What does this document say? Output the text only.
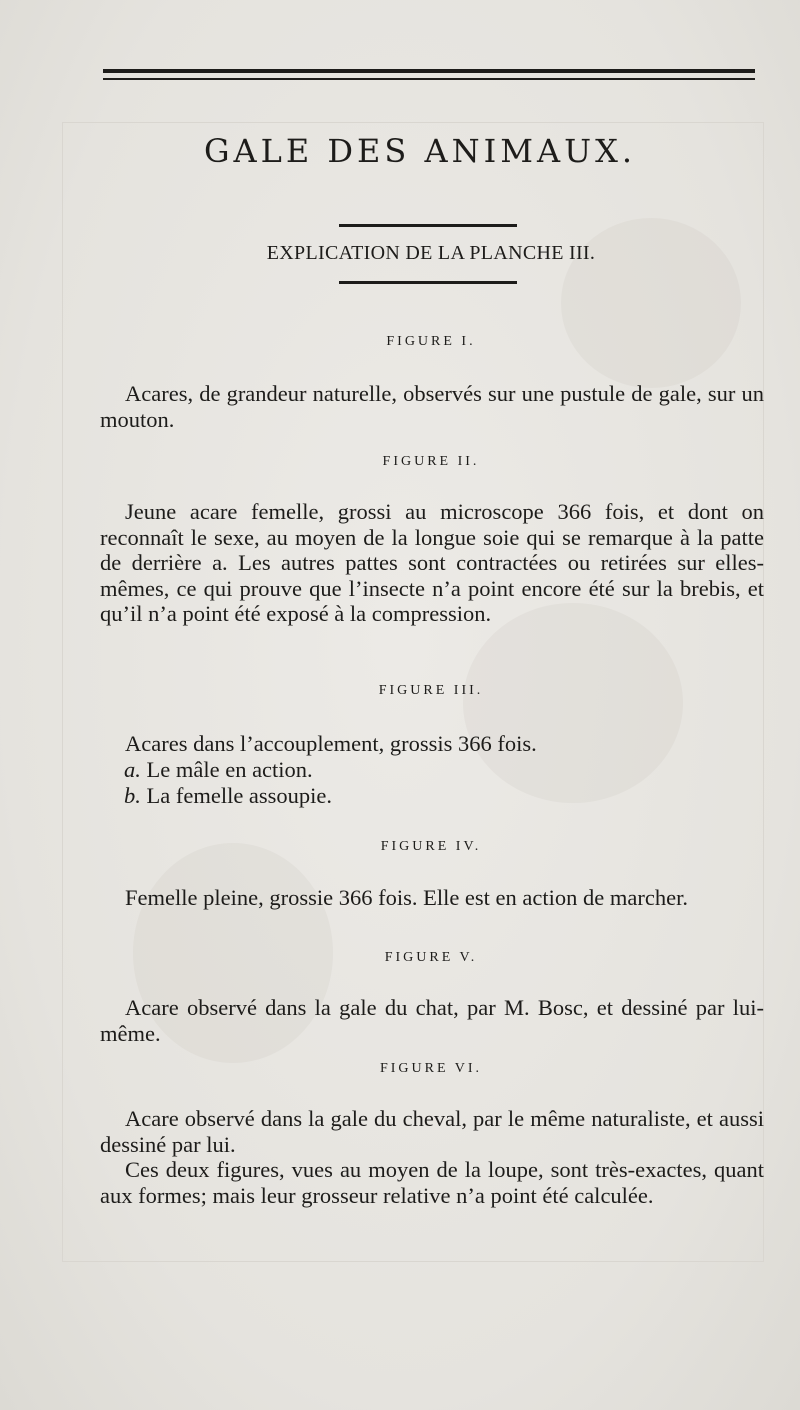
GALE DES ANIMAUX.
EXPLICATION DE LA PLANCHE III.
FIGURE I.
Acares, de grandeur naturelle, observés sur une pustule de gale, sur un mouton.
FIGURE II.
Jeune acare femelle, grossi au microscope 366 fois, et dont on reconnaît le sexe, au moyen de la longue soie qui se remarque à la patte de derrière a. Les autres pattes sont contractées ou retirées sur elles-mêmes, ce qui prouve que l’insecte n’a point encore été sur la brebis, et qu’il n’a point été exposé à la compression.
FIGURE III.
Acares dans l’accouplement, grossis 366 fois.
a. Le mâle en action.
b. La femelle assoupie.
FIGURE IV.
Femelle pleine, grossie 366 fois. Elle est en action de marcher.
FIGURE V.
Acare observé dans la gale du chat, par M. Bosc, et dessiné par lui-même.
FIGURE VI.
Acare observé dans la gale du cheval, par le même naturaliste, et aussi dessiné par lui.
Ces deux figures, vues au moyen de la loupe, sont très-exactes, quant aux formes; mais leur grosseur relative n’a point été calculée.
